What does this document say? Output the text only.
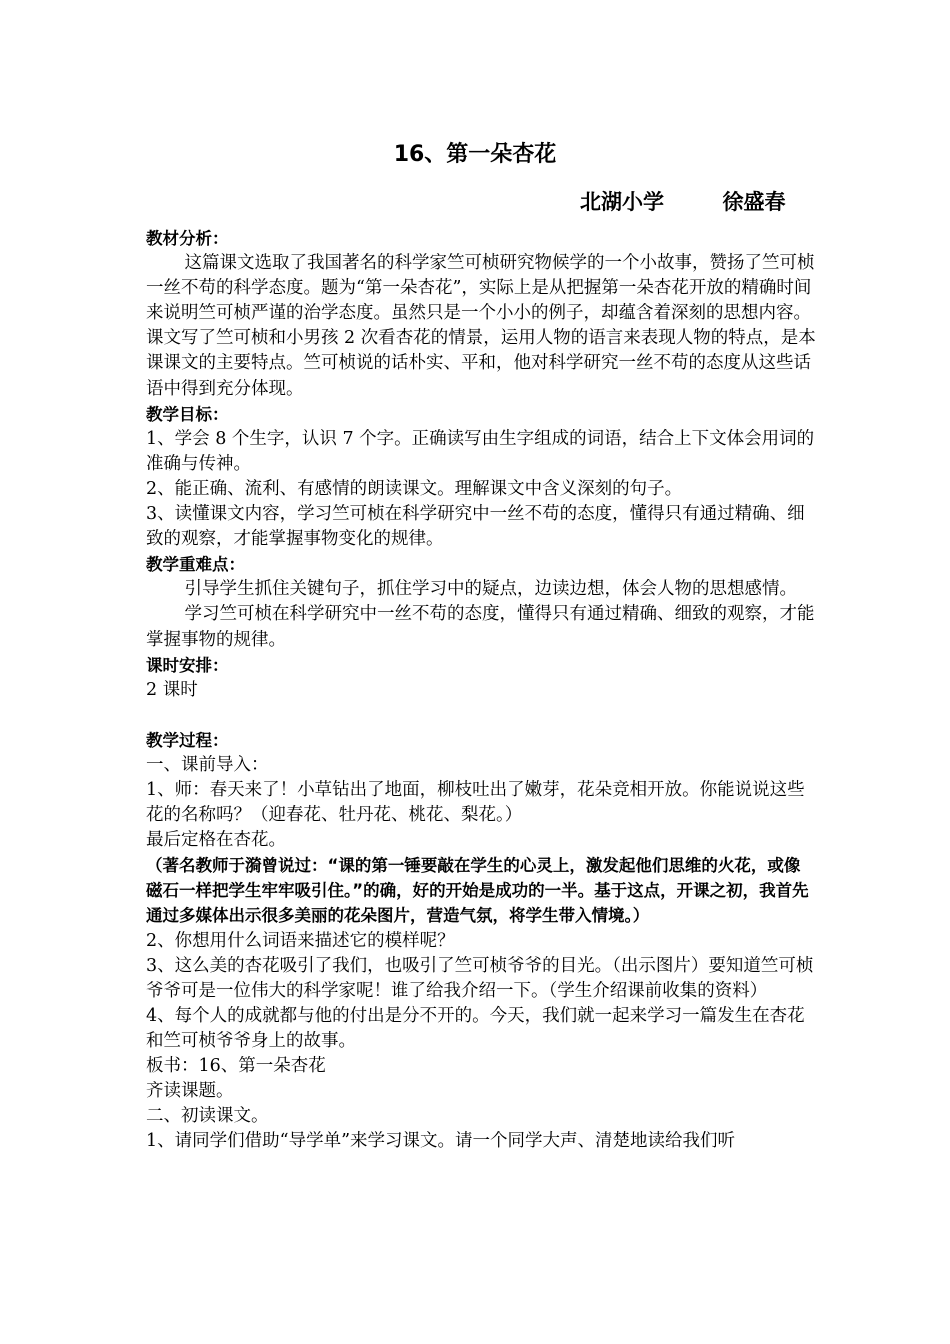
16、第一朵杏花
北湖小学        徐盛春

教材分析：

这篇课文选取了我国著名的科学家竺可桢研究物候学的一个小故事，赞扬了竺可桢一丝不苟的科学态度。题为“第一朵杏花”，实际上是从把握第一朵杏花开放的精确时间来说明竺可桢严谨的治学态度。虽然只是一个小小的例子，却蕴含着深刻的思想内容。课文写了竺可桢和小男孩 2 次看杏花的情景，运用人物的语言来表现人物的特点，是本课课文的主要特点。竺可桢说的话朴实、平和，他对科学研究一丝不苟的态度从这些话语中得到充分体现。

教学目标：

1、学会 8 个生字，认识 7 个字。正确读写由生字组成的词语，结合上下文体会用词的准确与传神。

2、能正确、流利、有感情的朗读课文。理解课文中含义深刻的句子。

3、读懂课文内容，学习竺可桢在科学研究中一丝不苟的态度，懂得只有通过精确、细致的观察，才能掌握事物变化的规律。

教学重难点：

引导学生抓住关键句子，抓住学习中的疑点，边读边想，体会人物的思想感情。

学习竺可桢在科学研究中一丝不苟的态度，懂得只有通过精确、细致的观察，才能掌握事物的规律。

课时安排：

2 课时

教学过程：

一、课前导入：

1、师：春天来了！小草钻出了地面，柳枝吐出了嫩芽，花朵竞相开放。你能说说这些花的名称吗？（迎春花、牡丹花、桃花、梨花。）

最后定格在杏花。

（著名教师于漪曾说过：“课的第一锤要敲在学生的心灵上，激发起他们思维的火花，或像磁石一样把学生牢牢吸引住。”的确，好的开始是成功的一半。基于这点，开课之初，我首先通过多媒体出示很多美丽的花朵图片，营造气氛，将学生带入情境。）

2、你想用什么词语来描述它的模样呢？

3、这么美的杏花吸引了我们，也吸引了竺可桢爷爷的目光。（出示图片）要知道竺可桢爷爷可是一位伟大的科学家呢！谁了给我介绍一下。（学生介绍课前收集的资料）

4、每个人的成就都与他的付出是分不开的。今天，我们就一起来学习一篇发生在杏花和竺可桢爷爷身上的故事。

板书：16、第一朵杏花

齐读课题。

二、初读课文。

1、请同学们借助“导学单”来学习课文。请一个同学大声、清楚地读给我们听
